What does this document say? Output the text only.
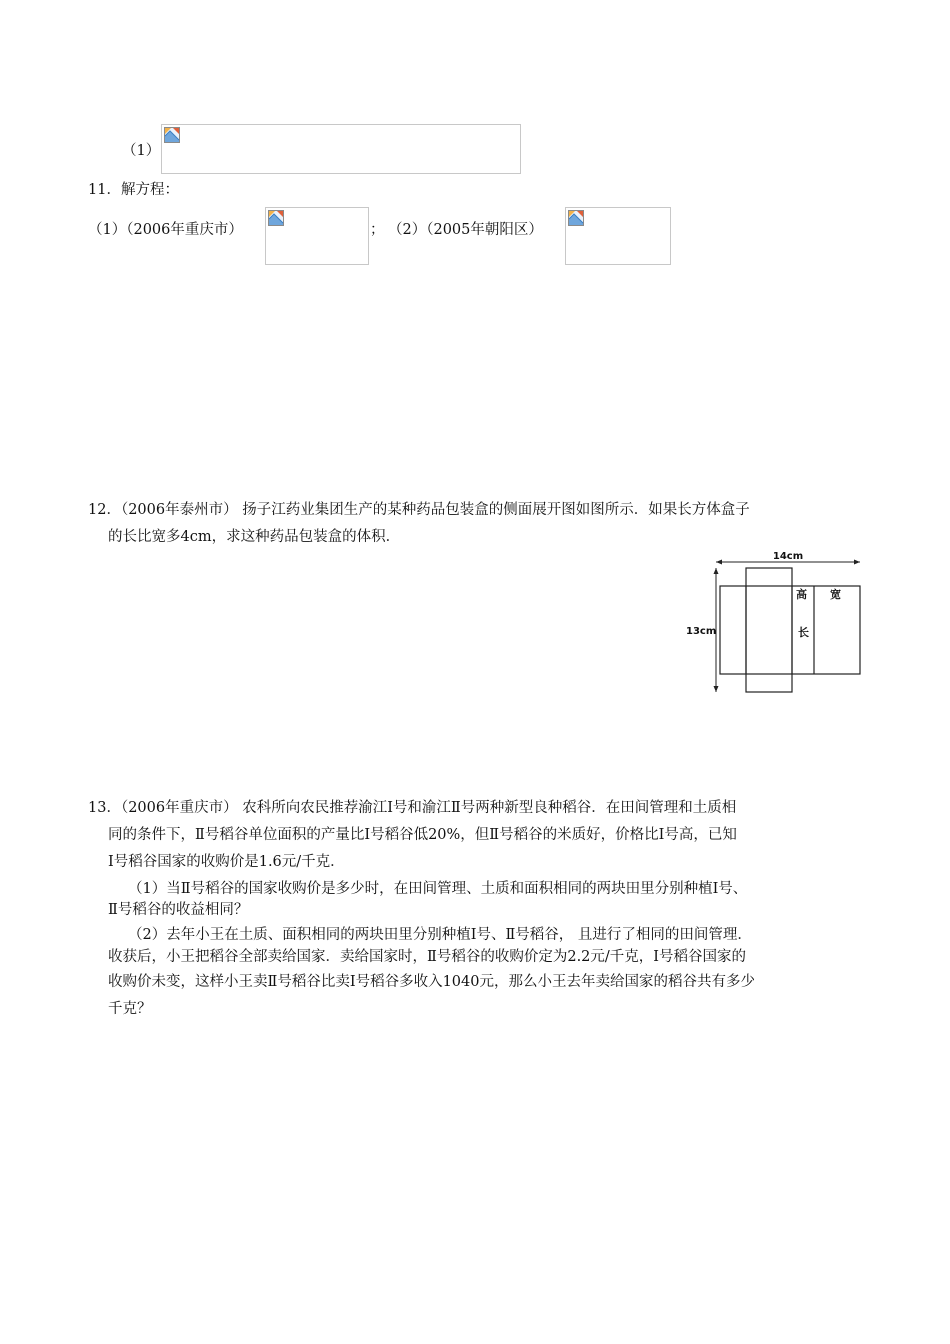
（1）
11．解方程：
（1）（2006年重庆市）	； （2）（2005年朝阳区）
12．（2006年泰州市） 扬子江药业集团生产的某种药品包装盒的侧面展开图如图所示．如果长方体盒子
的长比宽多4cm，求这种药品包装盒的体积．
14cm
13cm
高 宽
长
13．（2006年重庆市） 农科所向农民推荐渝江Ⅰ号和渝江Ⅱ号两种新型良种稻谷．在田间管理和土质相
同的条件下，Ⅱ号稻谷单位面积的产量比Ⅰ号稻谷低20%，但Ⅱ号稻谷的米质好，价格比Ⅰ号高，已知
Ⅰ号稻谷国家的收购价是1.6元/千克．
（1）当Ⅱ号稻谷的国家收购价是多少时，在田间管理、土质和面积相同的两块田里分别种植Ⅰ号、
Ⅱ号稻谷的收益相同？
（2）去年小王在土质、面积相同的两块田里分别种植Ⅰ号、Ⅱ号稻谷， 且进行了相同的田间管理．
收获后，小王把稻谷全部卖给国家．卖给国家时，Ⅱ号稻谷的收购价定为2.2元/千克，Ⅰ号稻谷国家的
收购价未变，这样小王卖Ⅱ号稻谷比卖Ⅰ号稻谷多收入1040元，那么小王去年卖给国家的稻谷共有多少
千克？
